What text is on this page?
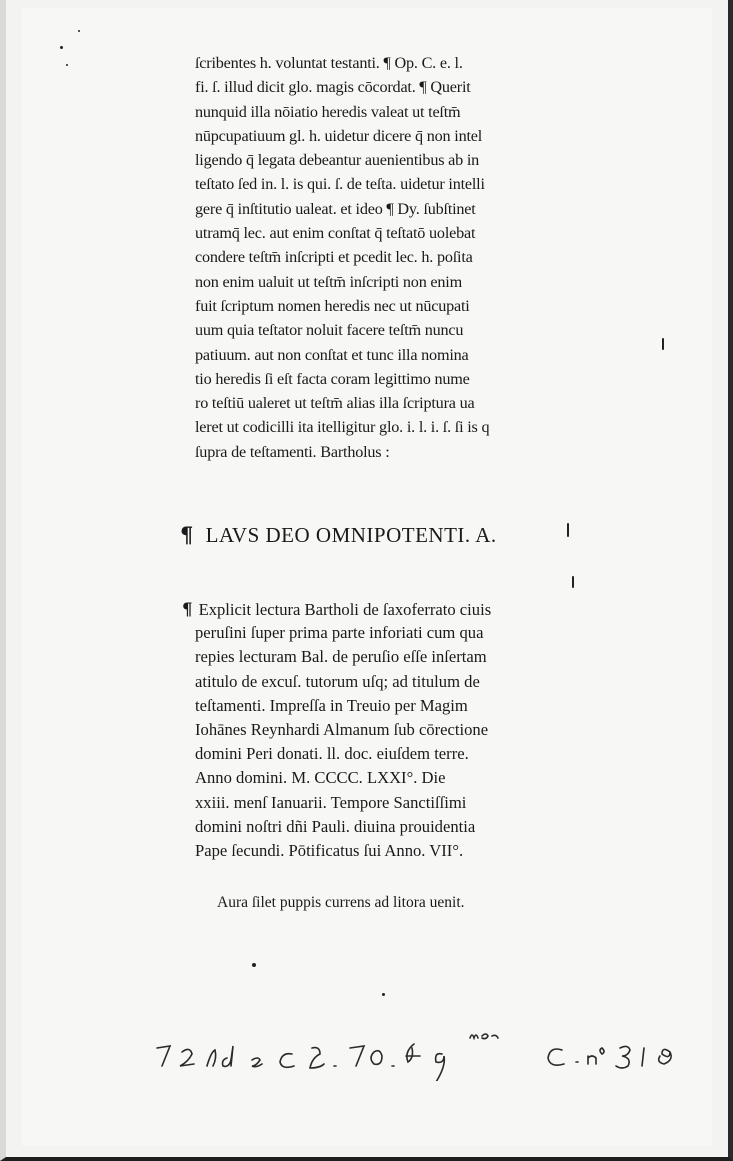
ſcribentes h. voluntat testanti. ¶ Op. C. e. l.
fi. ſ. illud dicit glo. magis cōcordat. ¶ Querit
nunquid illa nōiatio heredis valeat ut teſtm̄
nūpcupatiuum gl. h. uidetur dicere q̄ non intel
ligendo q̄ legata debeantur auenientibus ab in
teſtato ſed in. l. is qui. ſ. de teſta. uidetur intelli
gere q̄ inſtitutio ualeat. et ideo ¶ Dy. ſubſtinet
utramq̄ lec. aut enim conſtat q̄ teſtatō uolebat
condere teſtm̄ inſcripti et pcedit lec. h. poſita
non enim ualuit ut teſtm̄ inſcripti non enim
fuit ſcriptum nomen heredis nec ut nūcupati
uum quia teſtator noluit facere teſtm̄ nuncu
patiuum. aut non conſtat et tunc illa nomina
tio heredis ſi eſt facta coram legittimo nume
ro teſtiū ualeret ut teſtm̄ alias illa ſcriptura ua
leret ut codicilli ita itelligitur glo. i. l. i. ſ. ſi is q
ſupra de teſtamenti. Bartholus :
¶ LAVS DEO OMNIPOTENTI. A.
¶ Explicit lectura Bartholi de ſaxoferrato ciuis
peruſini ſuper prima parte inforiati cum qua
repies lecturam Bal. de peruſio eſſe inſertam
atitulo de excuſ. tutorum uſq; ad titulum de
teſtamenti. Impreſſa in Treuio per Magim
Iohānes Reynhardi Almanum ſub cōrectione
domini Peri donati. ll. doc. eiuſdem terre.
Anno domini. M. CCCC. LXXI°. Die
xxiii. menſ Ianuarii. Tempore Sanctiſſimi
domini noſtri dñi Pauli. diuina prouidentia
Pape ſecundi. Pōtificatus ſui Anno. VII°.
Aura ſilet puppis currens ad litora uenit.
